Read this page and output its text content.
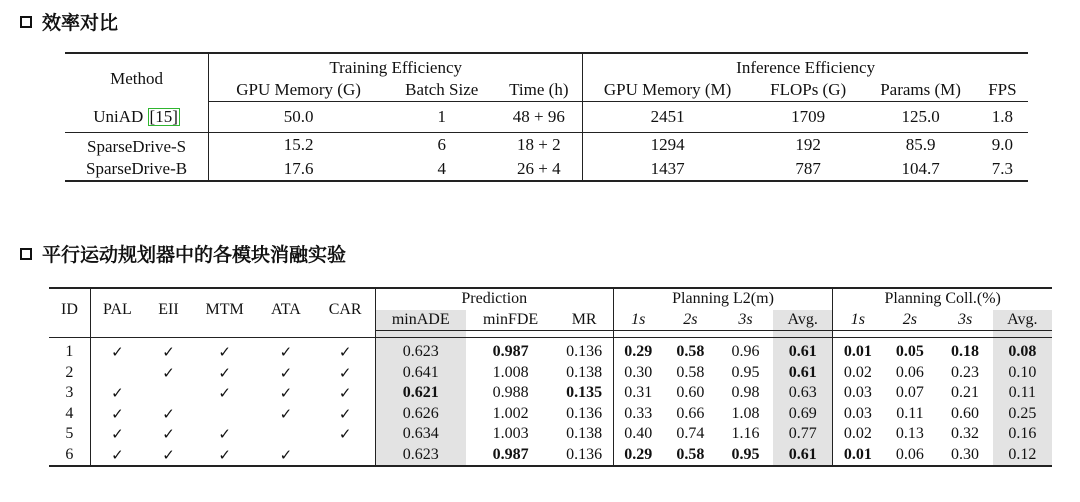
效率对比
Method	Training Efficiency			Inference Efficiency			
	GPU Memory (G)	Batch Size	Time (h)	GPU Memory (M)	FLOPs (G)	Params (M)	FPS
UniAD [15]	50.0	1	48 + 96	2451	1709	125.0	1.8
SparseDrive-S	15.2	6	18 + 2	1294	192	85.9	9.0
SparseDrive-B	17.6	4	26 + 4	1437	787	104.7	7.3
平行运动规划器中的各模块消融实验
ID	PAL	EII	MTM	ATA	CAR	Prediction			Planning L2(m)				Planning Coll.(%)			
						minADE	minFDE	MR	1s	2s	3s	Avg.	1s	2s	3s	Avg.

1	✓	✓	✓	✓	✓	0.623	0.987	0.136	0.29	0.58	0.96	0.61	0.01	0.05	0.18	0.08
2		✓	✓	✓	✓	0.641	1.008	0.138	0.30	0.58	0.95	0.61	0.02	0.06	0.23	0.10
3	✓		✓	✓	✓	0.621	0.988	0.135	0.31	0.60	0.98	0.63	0.03	0.07	0.21	0.11
4	✓	✓		✓	✓	0.626	1.002	0.136	0.33	0.66	1.08	0.69	0.03	0.11	0.60	0.25
5	✓	✓	✓		✓	0.634	1.003	0.138	0.40	0.74	1.16	0.77	0.02	0.13	0.32	0.16
6	✓	✓	✓	✓		0.623	0.987	0.136	0.29	0.58	0.95	0.61	0.01	0.06	0.30	0.12
